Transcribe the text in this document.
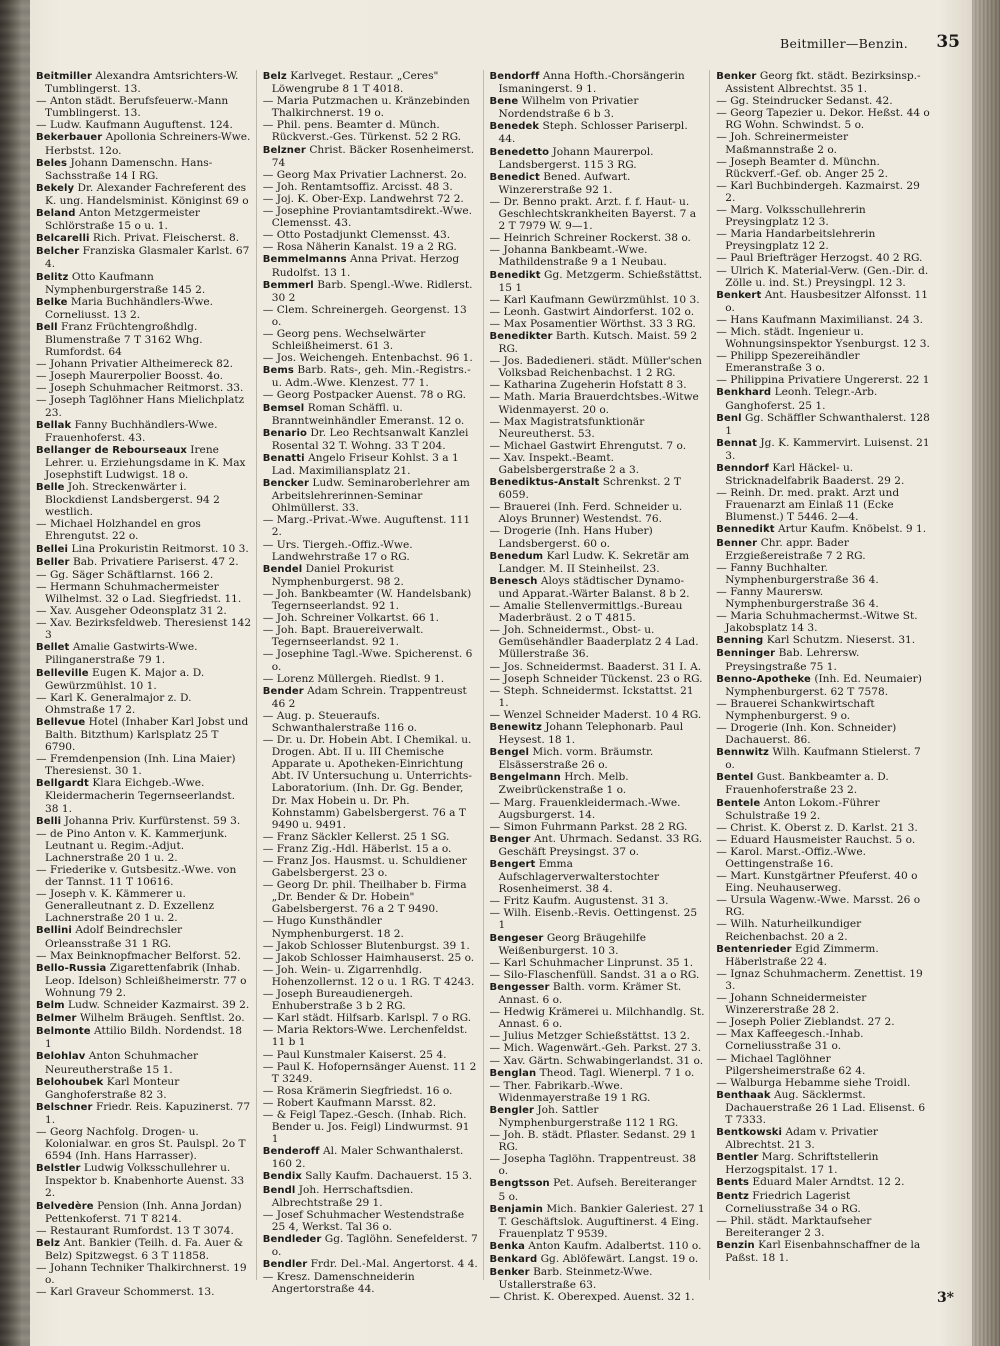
Beitmiller—Benzin. 35

Beitmiller Alexandra Amtsrichters-W. Tumblingerst. 13.

— Anton städt. Berufsfeuerw.-Mann Tumblingerst. 13.

— Ludw. Kaufmann Auguftenst. 124.

Bekerbauer Apollonia Schreiners-Wwe. Herbstst. 12o.

Beles Johann Damenschn. Hans-Sachsstraße 14 I RG.

Bekely Dr. Alexander Fachreferent des K. ung. Handelsminist. Königinst 69 o

Beland Anton Metzgermeister Schlörstraße 15 o u. 1.

Belcarelli Rich. Privat. Fleischerst. 8.

Belcher Franziska Glasmaler Karlst. 67 4.

Belitz Otto Kaufmann Nymphenburgerstraße 145 2.

Belke Maria Buchhändlers-Wwe. Corneliusst. 13 2.

Bell Franz Früchtengroßhdlg. Blumenstraße 7 T 3162 Whg. Rumfordst. 64

— Johann Privatier Altheimereck 82.

— Joseph Maurerpolier Boosst. 4o.

— Joseph Schuhmacher Reitmorst. 33.

— Joseph Taglöhner Hans Mielichplatz 23.

Bellak Fanny Buchhändlers-Wwe. Frauenhoferst. 43.

Bellanger de Rebourseaux Irene Lehrer. u. Erziehungsdame in K. Max Josephstift Ludwigst. 18 o.

Belle Joh. Streckenwärter i. Blockdienst Landsbergerst. 94 2 westlich.

— Michael Holzhandel en gros Ehrengutst. 22 o.

Bellei Lina Prokuristin Reitmorst. 10 3.

Beller Bab. Privatiere Pariserst. 47 2.

— Gg. Säger Schäftlarnst. 166 2.

— Hermann Schuhmachermeister Wilhelmst. 32 o Lad. Siegfriedst. 11.

— Xav. Ausgeher Odeonsplatz 31 2.

— Xav. Bezirksfeldweb. Theresienst 142 3

Bellet Amalie Gastwirts-Wwe. Pilinganerstraße 79 1.

Belleville Eugen K. Major a. D. Gewürzmühlst. 10 1.

— Karl K. Generalmajor z. D. Ohmstraße 17 2.

Bellevue Hotel (Inhaber Karl Jobst und Balth. Bitzthum) Karlsplatz 25 T 6790.

— Fremdenpension (Inh. Lina Maier) Theresienst. 30 1.

Bellgardt Klara Eichgeb.-Wwe. Kleidermacherin Tegernseerlandst. 38 1.

Belli Johanna Priv. Kurfürstenst. 59 3.

— de Pino Anton v. K. Kammerjunk. Leutnant u. Regim.-Adjut. Lachnerstraße 20 1 u. 2.

— Friederike v. Gutsbesitz.-Wwe. von der Tannst. 11 T 10616.

— Joseph v. K. Kämmerer u. Generalleutnant z. D. Exzellenz Lachnerstraße 20 1 u. 2.

Bellini Adolf Beindrechsler Orleansstraße 31 1 RG.

— Max Beinknopfmacher Belforst. 52.

Bello-Russia Zigarettenfabrik (Inhab. Leop. Idelson) Schleißheimerstr. 77 o Wohnung 79 2.

Belm Ludw. Schneider Kazmairst. 39 2.

Belmer Wilhelm Bräugeh. Senftlst. 2o.

Belmonte Attilio Bildh. Nordendst. 18 1

Belohlav Anton Schuhmacher Neureutherstraße 15 1.

Belohoubek Karl Monteur Ganghoferstraße 82 3.

Belschner Friedr. Reis. Kapuzinerst. 77 1.

— Georg Nachfolg. Drogen- u. Kolonialwar. en gros St. Paulspl. 2o T 6594 (Inh. Hans Harrasser).

Belstler Ludwig Volksschullehrer u. Inspektor b. Knabenhorte Auenst. 33 2.

Belvedère Pension (Inh. Anna Jordan) Pettenkoferst. 71 T 8214.

— Restaurant Rumfordst. 13 T 3074.

Belz Ant. Bankier (Teilh. d. Fa. Auer & Belz) Spitzwegst. 6 3 T 11858.

— Johann Techniker Thalkirchnerst. 19 o.

— Karl Graveur Schommerst. 13.

Belz Karlveget. Restaur. „Ceres" Löwengrube 8 1 T 4018.

— Maria Putzmachen u. Kränzebinden Thalkirchnerst. 19 o.

— Phil. pens. Beamter d. Münch. Rückverst.-Ges. Türkenst. 52 2 RG.

Belzner Christ. Bäcker Rosenheimerst. 74

— Georg Max Privatier Lachnerst. 2o.

— Joh. Rentamtsoffiz. Arcisst. 48 3.

— Joj. K. Ober-Exp. Landwehrst 72 2.

— Josephine Proviantamtsdirekt.-Wwe. Clemensst. 43.

— Otto Postadjunkt Clemensst. 43.

— Rosa Näherin Kanalst. 19 a 2 RG.

Bemmelmanns Anna Privat. Herzog Rudolfst. 13 1.

Bemmerl Barb. Spengl.-Wwe. Ridlerst. 30 2

— Clem. Schreinergeh. Georgenst. 13 o.

— Georg pens. Wechselwärter Schleißheimerst. 61 3.

— Jos. Weichengeh. Entenbachst. 96 1.

Bems Barb. Rats-, geh. Min.-Registrs.-u. Adm.-Wwe. Klenzest. 77 1.

— Georg Postpacker Auenst. 78 o RG.

Bemsel Roman Schäffl. u. Branntweinhändler Emeranst. 12 o.

Benario Dr. Leo Rechtsanwalt Kanzlei Rosental 32 T. Wohng. 33 T 204.

Benatti Angelo Friseur Kohlst. 3 a 1 Lad. Maximiliansplatz 21.

Bencker Ludw. Seminaroberlehrer am Arbeitslehrerinnen-Seminar Ohlmüllerst. 33.

— Marg.-Privat.-Wwe. Auguftenst. 111 2.

— Urs. Tiergeh.-Offiz.-Wwe. Landwehrstraße 17 o RG.

Bendel Daniel Prokurist Nymphenburgerst. 98 2.

— Joh. Bankbeamter (W. Handelsbank) Tegernseerlandst. 92 1.

— Joh. Schreiner Volkartst. 66 1.

— Joh. Bapt. Brauereiverwalt. Tegernseerlandst. 92 1.

— Josephine Tagl.-Wwe. Spicherenst. 6 o.

— Lorenz Müllergeh. Riedlst. 9 1.

Bender Adam Schrein. Trappentreust 46 2

— Aug. p. Steueraufs. Schwanthalerstraße 116 o.

— Dr. u. Dr. Hobein Abt. I Chemikal. u. Drogen. Abt. II u. III Chemische Apparate u. Apotheken-Einrichtung Abt. IV Untersuchung u. Unterrichts-Laboratorium. (Inh. Dr. Gg. Bender, Dr. Max Hobein u. Dr. Ph. Kohnstamm) Gabelsbergerst. 76 a T 9490 u. 9491.

— Franz Säckler Kellerst. 25 1 SG.

— Franz Zig.-Hdl. Häberlst. 15 a o.

— Franz Jos. Hausmst. u. Schuldiener Gabelsbergerst. 23 o.

— Georg Dr. phil. Theilhaber b. Firma „Dr. Bender & Dr. Hobein" Gabelsbergerst. 76 a 2 T 9490.

— Hugo Kunsthändler Nymphenburgerst. 18 2.

— Jakob Schlosser Blutenburgst. 39 1.

— Jakob Schlosser Haimhauserst. 25 o.

— Joh. Wein- u. Zigarrenhdlg. Hohenzollernst. 12 o u. 1 RG. T 4243.

— Joseph Bureaudienergeh. Enhuberstraße 3 b 2 RG.

— Karl städt. Hilfsarb. Karlspl. 7 o RG.

— Maria Rektors-Wwe. Lerchenfeldst. 11 b 1

— Paul Kunstmaler Kaiserst. 25 4.

— Paul K. Hofopernsänger Auenst. 11 2 T 3249.

— Rosa Krämerin Siegfriedst. 16 o.

— Robert Kaufmann Marsst. 82.

— & Feigl Tapez.-Gesch. (Inhab. Rich. Bender u. Jos. Feigl) Lindwurmst. 91 1

Benderoff Al. Maler Schwanthalerst. 160 2.

Bendix Sally Kaufm. Dachauerst. 15 3.

Bendl Joh. Herrschaftsdien. Albrechtstraße 29 1.

— Josef Schuhmacher Westendstraße 25 4, Werkst. Tal 36 o.

Bendleder Gg. Taglöhn. Senefelderst. 7 o.

Bendler Frdr. Del.-Mal. Angertorst. 4 4.

— Kresz. Damenschneiderin Angertorstraße 44.

Bendorff Anna Hofth.-Chorsängerin Ismaningerst. 9 1.

Bene Wilhelm von Privatier Nordendstraße 6 b 3.

Benedek Steph. Schlosser Pariserpl. 44.

Benedetto Johann Maurerpol. Landsbergerst. 115 3 RG.

Benedict Bened. Aufwart. Winzererstraße 92 1.

— Dr. Benno prakt. Arzt. f. f. Haut- u. Geschlechtskrankheiten Bayerst. 7 a 2 T 7979 W. 9—1.

— Heinrich Schreiner Rockerst. 38 o.

— Johanna Bankbeamt.-Wwe. Mathildenstraße 9 a 1 Neubau.

Benedikt Gg. Metzgerm. Schießstättst. 15 1

— Karl Kaufmann Gewürzmühlst. 10 3.

— Leonh. Gastwirt Aindorferst. 102 o.

— Max Posamentier Wörthst. 33 3 RG.

Benedikter Barth. Kutsch. Maist. 59 2 RG.

— Jos. Badedieneri. städt. Müller'schen Volksbad Reichenbachst. 1 2 RG.

— Katharina Zugeherin Hofstatt 8 3.

— Math. Maria Brauerdchtsbes.-Witwe Widenmayerst. 20 o.

— Max Magistratsfunktionär Neureutherst. 53.

— Michael Gastwirt Ehrengutst. 7 o.

— Xav. Inspekt.-Beamt. Gabelsbergerstraße 2 a 3.

Benediktus-Anstalt Schrenkst. 2 T 6059.

— Brauerei (Inh. Ferd. Schneider u. Aloys Brunner) Westendst. 76.

— Drogerie (Inh. Hans Huber) Landsbergerst. 60 o.

Benedum Karl Ludw. K. Sekretär am Landger. M. II Steinheilst. 23.

Benesch Aloys städtischer Dynamo- und Apparat.-Wärter Balanst. 8 b 2.

— Amalie Stellenvermittlgs.-Bureau Maderbräust. 2 o T 4815.

— Joh. Schneidermst., Obst- u. Gemüsehändler Baaderplatz 2 4 Lad. Müllerstraße 36.

— Jos. Schneidermst. Baaderst. 31 I. A.

— Joseph Schneider Tückenst. 23 o RG.

— Steph. Schneidermst. Ickstattst. 21 1.

— Wenzel Schneider Maderst. 10 4 RG.

Benewitz Johann Telephonarb. Paul Heysest. 18 1.

Bengel Mich. vorm. Bräumstr. Elsässerstraße 26 o.

Bengelmann Hrch. Melb. Zweibrückenstraße 1 o.

— Marg. Frauenkleidermach.-Wwe. Augsburgerst. 14.

— Simon Fuhrmann Parkst. 28 2 RG.

Benger Ant. Uhrmach. Sedanst. 33 RG. Geschäft Preysingst. 37 o.

Bengert Emma Aufschlagerverwalterstochter Rosenheimerst. 38 4.

— Fritz Kaufm. Augustenst. 31 3.

— Wilh. Eisenb.-Revis. Oettingenst. 25 1

Bengeser Georg Bräugehilfe Weißenburgerst. 10 3.

— Karl Schuhmacher Linprunst. 35 1.

— Silo-Flaschenfüll. Sandst. 31 a o RG.

Bengesser Balth. vorm. Krämer St. Annast. 6 o.

— Hedwig Krämerei u. Milchhandlg. St. Annast. 6 o.

— Julius Metzger Schießstättst. 13 2.

— Mich. Wagenwärt.-Geh. Parkst. 27 3.

— Xav. Gärtn. Schwabingerlandst. 31 o.

Benglan Theod. Tagl. Wienerpl. 7 1 o.

— Ther. Fabrikarb.-Wwe. Widenmayerstraße 19 1 RG.

Bengler Joh. Sattler Nymphenburgerstraße 112 1 RG.

— Joh. B. städt. Pflaster. Sedanst. 29 1 RG.

— Josepha Taglöhn. Trappentreust. 38 o.

Bengtsson Pet. Aufseh. Bereiteranger 5 o.

Benjamin Mich. Bankier Galeriest. 27 1 T. Geschäftslok. Auguftinerst. 4 Eing. Frauenplatz T 9539.

Benka Anton Kaufm. Adalbertst. 110 o.

Benkard Gg. Ablöfewärt. Langst. 19 o.

Benker Barb. Steinmetz-Wwe. Ustallerstraße 63.

— Christ. K. Oberexped. Auenst. 32 1.

Benker Georg fkt. städt. Bezirksinsp.-Assistent Albrechtst. 35 1.

— Gg. Steindrucker Sedanst. 42.

— Georg Tapezier u. Dekor. Heßst. 44 o RG Wohn. Schwindst. 5 o.

— Joh. Schreinermeister Maßmannstraße 2 o.

— Joseph Beamter d. Münchn. Rückverf.-Gef. ob. Anger 25 2.

— Karl Buchbindergeh. Kazmairst. 29 2.

— Marg. Volksschullehrerin Preysingplatz 12 3.

— Maria Handarbeitslehrerin Preysingplatz 12 2.

— Paul Briefträger Herzogst. 40 2 RG.

— Ulrich K. Material-Verw. (Gen.-Dir. d. Zölle u. ind. St.) Preysingpl. 12 3.

Benkert Ant. Hausbesitzer Alfonsst. 11 o.

— Hans Kaufmann Maximilianst. 24 3.

— Mich. städt. Ingenieur u. Wohnungsinspektor Ysenburgst. 12 3.

— Philipp Spezereihändler Emeranstraße 3 o.

— Philippina Privatiere Ungererst. 22 1

Benkhard Leonh. Telegr.-Arb. Ganghoferst. 25 1.

Benl Gg. Schäffler Schwanthalerst. 128 1

Bennat Jg. K. Kammervirt. Luisenst. 21 3.

Benndorf Karl Häckel- u. Stricknadelfabrik Baaderst. 29 2.

— Reinh. Dr. med. prakt. Arzt und Frauenarzt am Einlaß 11 (Ecke Blumenst.) T 5446. 2—4.

Bennedikt Artur Kaufm. Knöbelst. 9 1.

Benner Chr. appr. Bader Erzgießereistraße 7 2 RG.

— Fanny Buchhalter. Nymphenburgerstraße 36 4.

— Fanny Maurersw. Nymphenburgerstraße 36 4.

— Maria Schuhmachermst.-Witwe St. Jakobsplatz 14 3.

Benning Karl Schutzm. Nieserst. 31.

Benninger Bab. Lehrersw. Preysingstraße 75 1.

Benno-Apotheke (Inh. Ed. Neumaier) Nymphenburgerst. 62 T 7578.

— Brauerei Schankwirtschaft Nymphenburgerst. 9 o.

— Drogerie (Inh. Kon. Schneider) Dachauerst. 86.

Bennwitz Wilh. Kaufmann Stielerst. 7 o.

Bentel Gust. Bankbeamter a. D. Frauenhoferstraße 23 2.

Bentele Anton Lokom.-Führer Schulstraße 19 2.

— Christ. K. Oberst z. D. Karlst. 21 3.

— Eduard Hausmeister Rauchst. 5 o.

— Karol. Marst.-Offiz.-Wwe. Oettingenstraße 16.

— Mart. Kunstgärtner Pfeuferst. 40 o Eing. Neuhauserweg.

— Ursula Wagenw.-Wwe. Marsst. 26 o RG.

— Wilh. Naturheilkundiger Reichenbachst. 20 a 2.

Bentenrieder Egid Zimmerm. Häberlstraße 22 4.

— Ignaz Schuhmacherm. Zenettist. 19 3.

— Johann Schneidermeister Winzererstraße 28 2.

— Joseph Polier Zieblandst. 27 2.

— Max Kaffeegesch.-Inhab. Corneliusstraße 31 o.

— Michael Taglöhner Pilgersheimerstraße 62 4.

— Walburga Hebamme siehe Troidl.

Benthaak Aug. Säcklermst. Dachauerstraße 26 1 Lad. Elisenst. 6 T 7333.

Bentkowski Adam v. Privatier Albrechtst. 21 3.

Bentler Marg. Schriftstellerin Herzogspitalst. 17 1.

Bents Eduard Maler Arndtst. 12 2.

Bentz Friedrich Lagerist Corneliusstraße 34 o RG.

— Phil. städt. Marktaufseher Bereiteranger 2 3.

Benzin Karl Eisenbahnschaffner de la Paßst. 18 1.

3*
